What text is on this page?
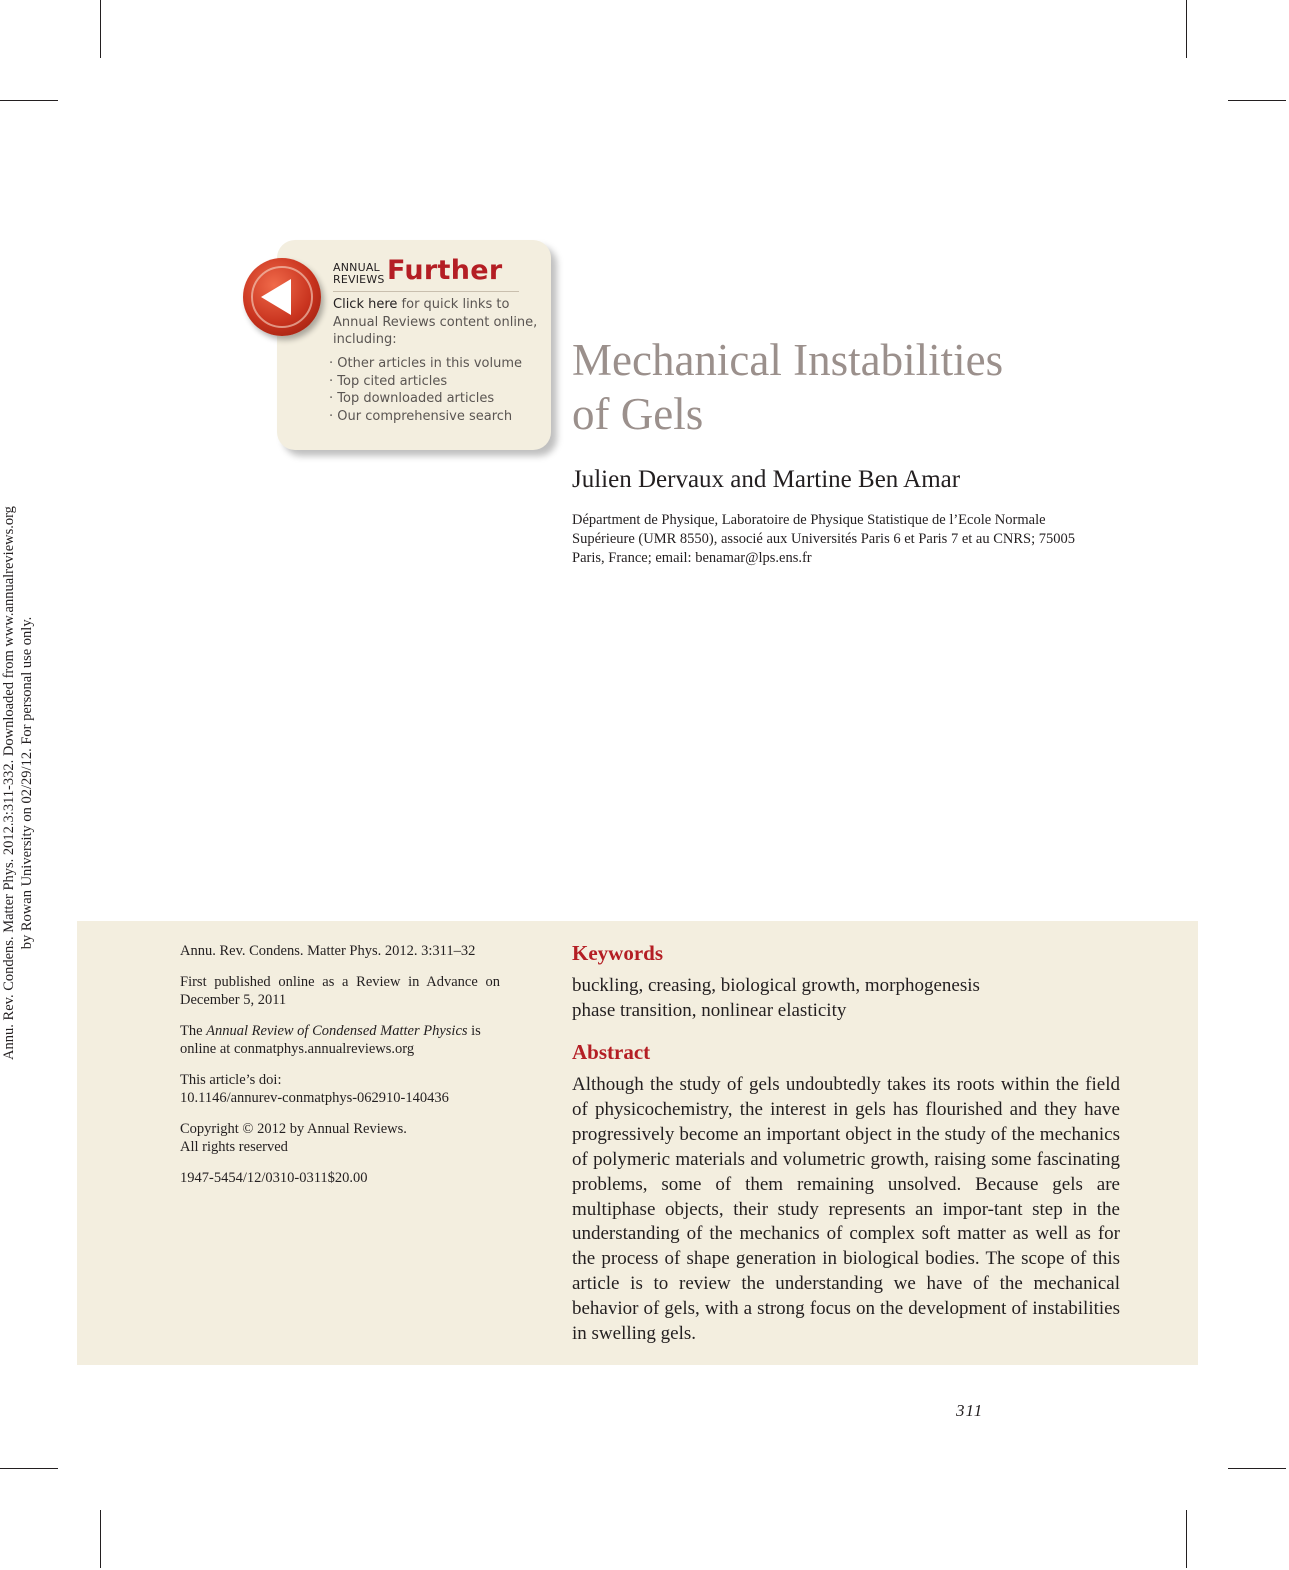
Annu. Rev. Condens. Matter Phys. 2012.3:311-332. Downloaded from www.annualreviews.org by Rowan University on 02/29/12. For personal use only.
ANNUAL
REVIEWS Further
Click here for quick links to Annual Reviews content online, including:
· Other articles in this volume
· Top cited articles
· Top downloaded articles
· Our comprehensive search
Mechanical Instabilities
of Gels
Julien Dervaux and Martine Ben Amar
Départment de Physique, Laboratoire de Physique Statistique de l’Ecole Normale Supérieure (UMR 8550), associé aux Universités Paris 6 et Paris 7 et au CNRS; 75005 Paris, France; email: benamar@lps.ens.fr

Annu. Rev. Condens. Matter Phys. 2012. 3:311–32

First published online as a Review in Advance on December 5, 2011

The Annual Review of Condensed Matter Physics is online at conmatphys.annualreviews.org

This article’s doi:
10.1146/annurev-conmatphys-062910-140436

Copyright © 2012 by Annual Reviews.
All rights reserved

1947-5454/12/0310-0311$20.00

Keywords
buckling, creasing, biological growth, morphogenesis
phase transition, nonlinear elasticity
Abstract

Although the study of gels undoubtedly takes its roots within the field of physicochemistry, the interest in gels has flourished and they have progressively become an important object in the study of the mechanics of polymeric materials and volumetric growth, raising some fascinating problems, some of them remaining unsolved. Because gels are multiphase objects, their study represents an impor-tant step in the understanding of the mechanics of complex soft matter as well as for the process of shape generation in biological bodies. The scope of this article is to review the understanding we have of the mechanical behavior of gels, with a strong focus on the development of instabilities in swelling gels.

311
